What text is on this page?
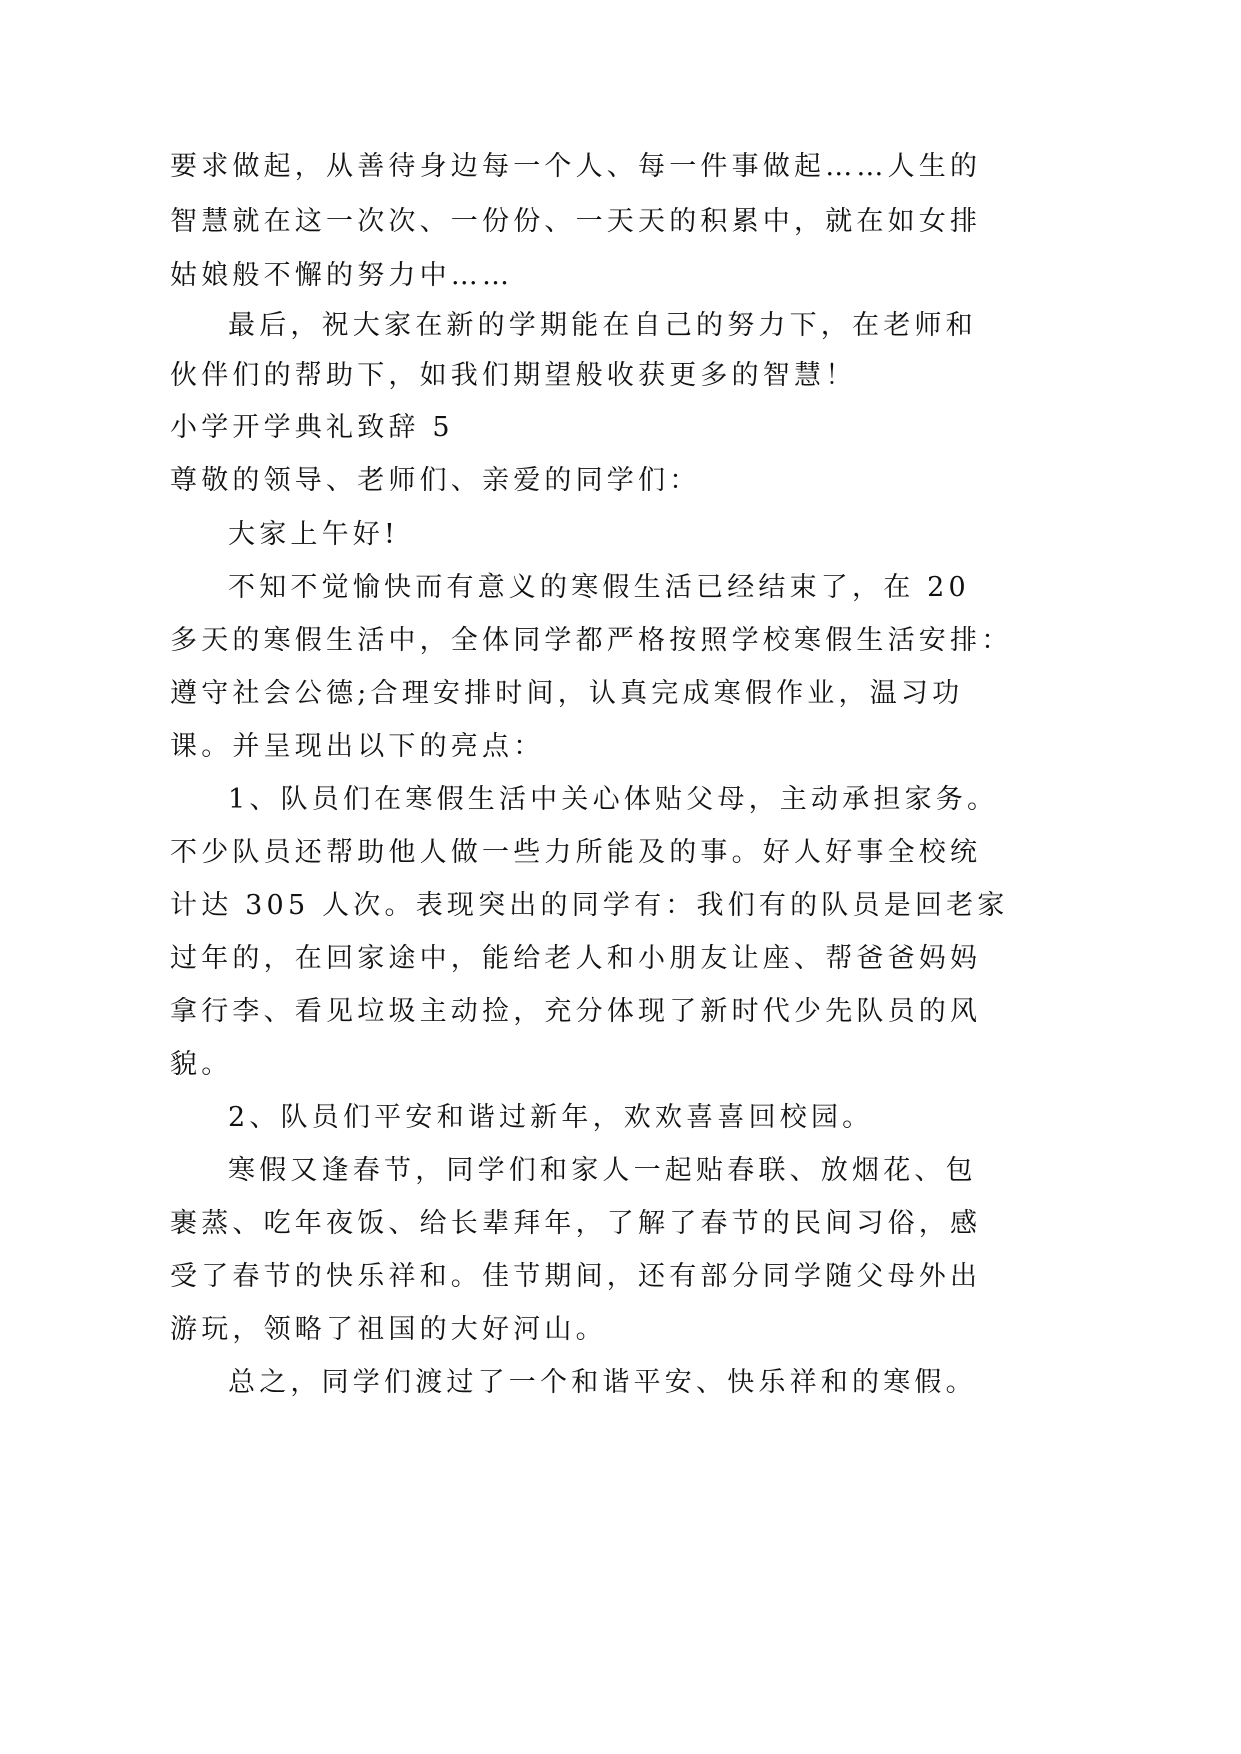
要求做起，从善待身边每一个人、每一件事做起……人生的
智慧就在这一次次、一份份、一天天的积累中，就在如女排
姑娘般不懈的努力中……
最后，祝大家在新的学期能在自己的努力下，在老师和
伙伴们的帮助下，如我们期望般收获更多的智慧！
小学开学典礼致辞 5
尊敬的领导、老师们、亲爱的同学们：
大家上午好!
不知不觉愉快而有意义的寒假生活已经结束了，在 20
多天的寒假生活中，全体同学都严格按照学校寒假生活安排：
遵守社会公德;合理安排时间，认真完成寒假作业，温习功
课。并呈现出以下的亮点：
1、队员们在寒假生活中关心体贴父母，主动承担家务。
不少队员还帮助他人做一些力所能及的事。好人好事全校统
计达 305 人次。表现突出的同学有：我们有的队员是回老家
过年的，在回家途中，能给老人和小朋友让座、帮爸爸妈妈
拿行李、看见垃圾主动捡，充分体现了新时代少先队员的风
貌。
2、队员们平安和谐过新年，欢欢喜喜回校园。
寒假又逢春节，同学们和家人一起贴春联、放烟花、包
裹蒸、吃年夜饭、给长辈拜年，了解了春节的民间习俗，感
受了春节的快乐祥和。佳节期间，还有部分同学随父母外出
游玩，领略了祖国的大好河山。
总之，同学们渡过了一个和谐平安、快乐祥和的寒假。
